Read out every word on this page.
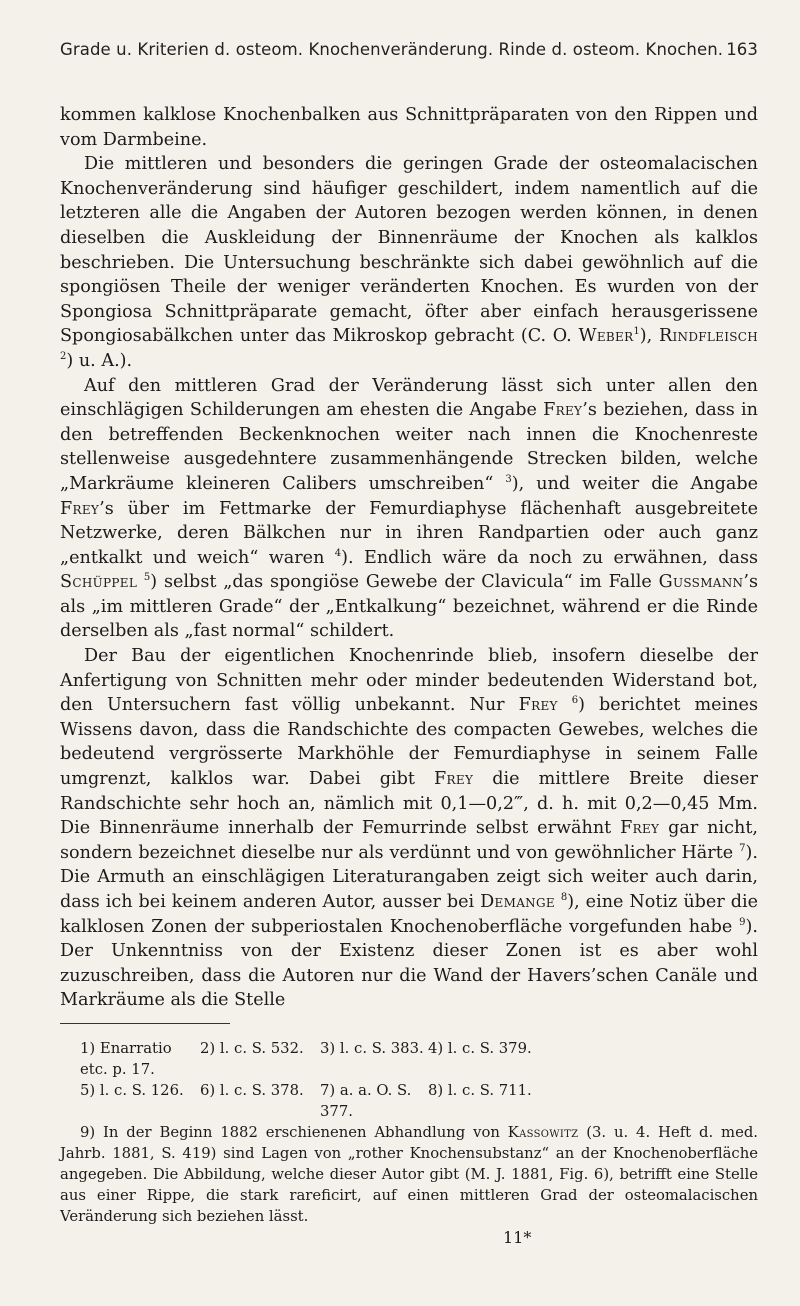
Grade u. Kriterien d. osteom. Knochenveränderung. Rinde d. osteom. Knochen. 163

kommen kalklose Knochenbalken aus Schnittpräparaten von den Rippen und vom Darmbeine.

Die mittleren und besonders die geringen Grade der osteomalacischen Knochenveränderung sind häufiger geschildert, indem namentlich auf die letzteren alle die Angaben der Autoren bezogen werden können, in denen dieselben die Auskleidung der Binnenräume der Knochen als kalklos beschrieben. Die Untersuchung beschränkte sich dabei gewöhnlich auf die spongiösen Theile der weniger veränderten Knochen. Es wurden von der Spongiosa Schnittpräparate gemacht, öfter aber einfach herausgerissene Spongiosabälkchen unter das Mikroskop gebracht (C. O. Weber$^1$), Rindfleisch $^2$) u. A.).

Auf den mittleren Grad der Veränderung lässt sich unter allen den einschlägigen Schilderungen am ehesten die Angabe Frey’s beziehen, dass in den betreffenden Beckenknochen weiter nach innen die Knochenreste stellenweise ausgedehntere zusammenhängende Strecken bilden, welche „Markräume kleineren Calibers umschreiben“ $^3$), und weiter die Angabe Frey’s über im Fettmarke der Femurdiaphyse flächenhaft ausgebreitete Netzwerke, deren Bälkchen nur in ihren Randpartien oder auch ganz „entkalkt und weich“ waren $^4$). Endlich wäre da noch zu erwähnen, dass Schüppel $^5$) selbst „das spongiöse Gewebe der Clavicula“ im Falle Gussmann’s als „im mittleren Grade“ der „Entkalkung“ bezeichnet, während er die Rinde derselben als „fast normal“ schildert.

Der Bau der eigentlichen Knochenrinde blieb, insofern dieselbe der Anfertigung von Schnitten mehr oder minder bedeutenden Widerstand bot, den Untersuchern fast völlig unbekannt. Nur Frey $^6$) berichtet meines Wissens davon, dass die Randschichte des compacten Gewebes, welches die bedeutend vergrösserte Markhöhle der Femurdiaphyse in seinem Falle umgrenzt, kalklos war. Dabei gibt Frey die mittlere Breite dieser Randschichte sehr hoch an, nämlich mit 0,1—0,2‴, d. h. mit 0,2—0,45 Mm. Die Binnenräume innerhalb der Femurrinde selbst erwähnt Frey gar nicht, sondern bezeichnet dieselbe nur als verdünnt und von gewöhnlicher Härte $^7$). Die Armuth an einschlägigen Literaturangaben zeigt sich weiter auch darin, dass ich bei keinem anderen Autor, ausser bei Demange $^8$), eine Notiz über die kalklosen Zonen der subperiostalen Knochenoberfläche vorgefunden habe $^9$). Der Unkenntniss von der Existenz dieser Zonen ist es aber wohl zuzuschreiben, dass die Autoren nur die Wand der Havers’schen Canäle und Markräume als die Stelle

1) Enarratio etc. p. 17.
2) l. c. S. 532.	3) l. c. S. 383. 4) l. c. S. 379.
5) l. c. S. 126.	6) l. c. S. 378.	7) a. a. O. S. 377.
8) l. c. S. 711.
9) In der Beginn 1882 erschienenen Abhandlung von Kassowitz (3. u. 4. Heft d. med. Jahrb. 1881, S. 419) sind Lagen von „rother Knochensubstanz“ an der Knochenoberfläche angegeben. Die Abbildung, welche dieser Autor gibt (M. J. 1881, Fig. 6), betrifft eine Stelle aus einer Rippe, die stark rareficirt, auf einen mittleren Grad der osteomalacischen Veränderung sich beziehen lässt.
11*
